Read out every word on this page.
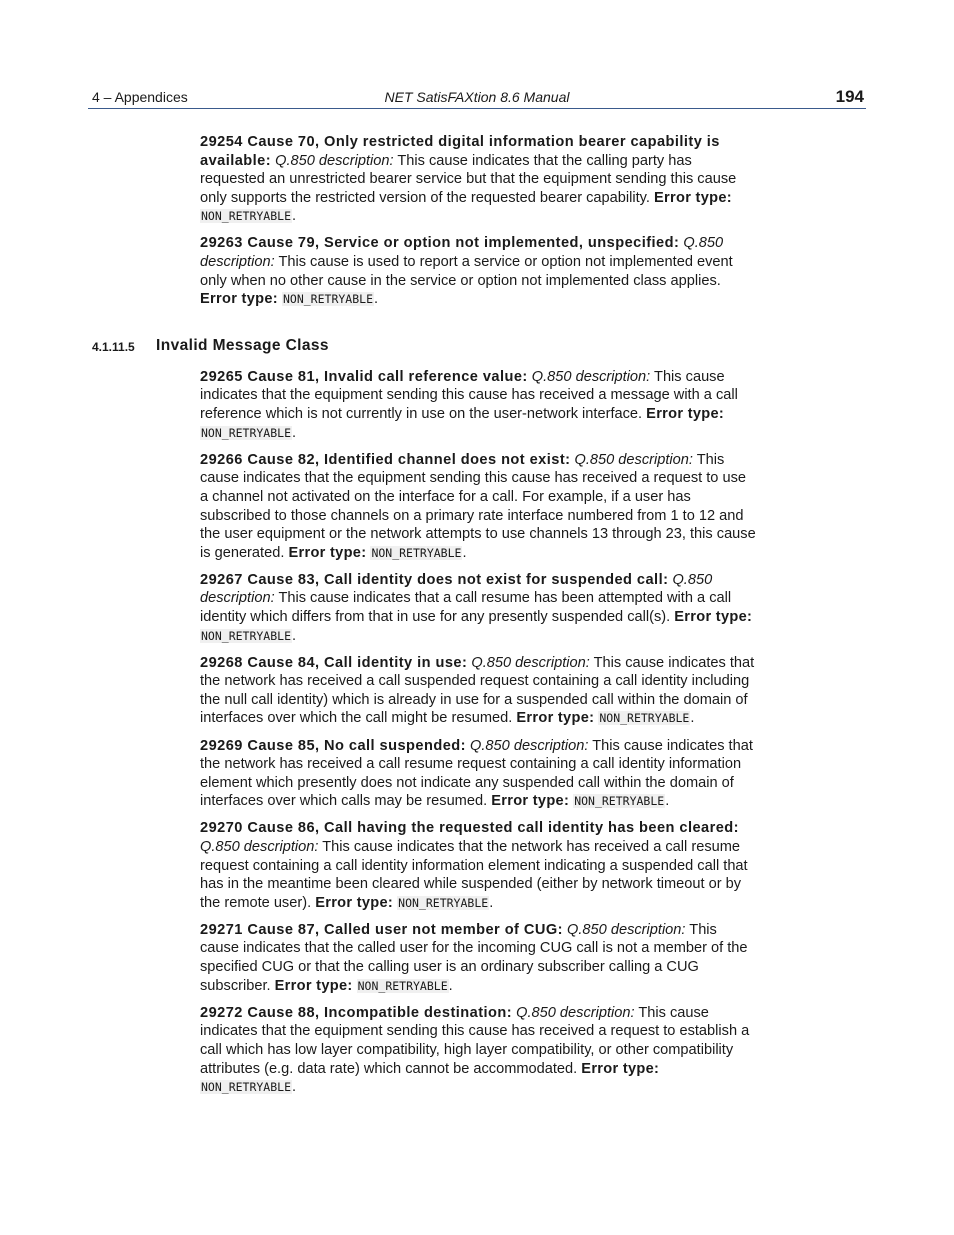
4 – Appendices	NET SatisFAXtion 8.6 Manual	194

29254 Cause 70, Only restricted digital information bearer capability is available: Q.850 description: This cause indicates that the calling party has requested an unrestricted bearer service but that the equipment sending this cause only supports the restricted version of the requested bearer capability. Error type: NON_RETRYABLE.

29263 Cause 79, Service or option not implemented, unspecified: Q.850 description: This cause is used to report a service or option not implemented event only when no other cause in the service or option not implemented class applies. Error type: NON_RETRYABLE.

4.1.11.5 Invalid Message Class

29265 Cause 81, Invalid call reference value: Q.850 description: This cause indicates that the equipment sending this cause has received a message with a call reference which is not currently in use on the user-network interface. Error type: NON_RETRYABLE.

29266 Cause 82, Identified channel does not exist: Q.850 description: This cause indicates that the equipment sending this cause has received a request to use a channel not activated on the interface for a call. For example, if a user has subscribed to those channels on a primary rate interface numbered from 1 to 12 and the user equipment or the network attempts to use channels 13 through 23, this cause is generated. Error type: NON_RETRYABLE.

29267 Cause 83, Call identity does not exist for suspended call: Q.850 description: This cause indicates that a call resume has been attempted with a call identity which differs from that in use for any presently suspended call(s). Error type: NON_RETRYABLE.

29268 Cause 84, Call identity in use: Q.850 description: This cause indicates that the network has received a call suspended request containing a call identity including the null call identity) which is already in use for a suspended call within the domain of interfaces over which the call might be resumed. Error type: NON_RETRYABLE.

29269 Cause 85, No call suspended: Q.850 description: This cause indicates that the network has received a call resume request containing a call identity information element which presently does not indicate any suspended call within the domain of interfaces over which calls may be resumed. Error type: NON_RETRYABLE.

29270 Cause 86, Call having the requested call identity has been cleared: Q.850 description: This cause indicates that the network has received a call resume request containing a call identity information element indicating a suspended call that has in the meantime been cleared while suspended (either by network timeout or by the remote user). Error type: NON_RETRYABLE.

29271 Cause 87, Called user not member of CUG: Q.850 description: This cause indicates that the called user for the incoming CUG call is not a member of the specified CUG or that the calling user is an ordinary subscriber calling a CUG subscriber. Error type: NON_RETRYABLE.

29272 Cause 88, Incompatible destination: Q.850 description: This cause indicates that the equipment sending this cause has received a request to establish a call which has low layer compatibility, high layer compatibility, or other compatibility attributes (e.g. data rate) which cannot be accommodated. Error type: NON_RETRYABLE.
